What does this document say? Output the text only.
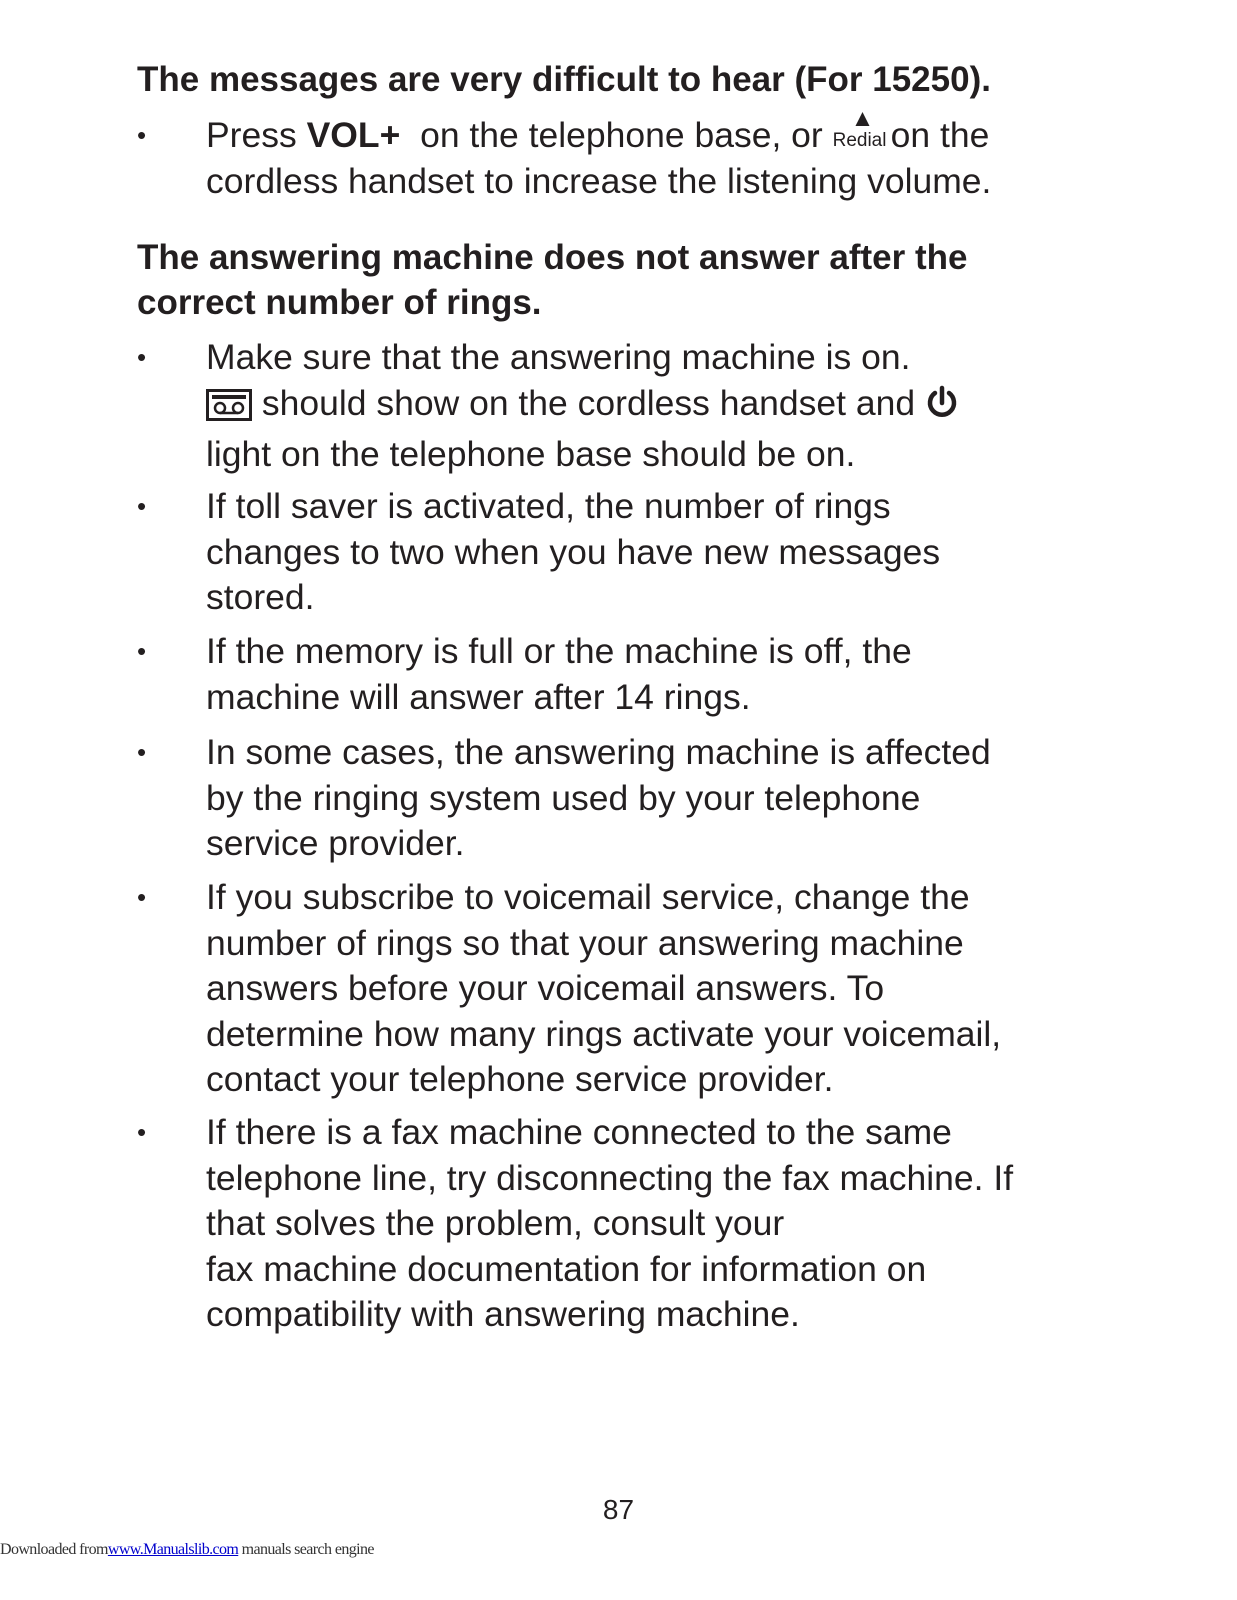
The messages are very difficult to hear (For 15250).
•	Press VOL+ on the telephone base, or ▲
Redial on the
cordless handset to increase the listening volume.
The answering machine does not answer after the
correct number of rings.
•	Make sure that the answering machine is on.
should show on the cordless handset and
light on the telephone base should be on.
•	If toll saver is activated, the number of rings
changes to two when you have new messages
stored.
•	If the memory is full or the machine is off, the
machine will answer after 14 rings.
•	In some cases, the answering machine is affected
by the ringing system used by your telephone
service provider.
•	If you subscribe to voicemail service, change the
number of rings so that your answering machine
answers before your voicemail answers. To
determine how many rings activate your voicemail,
contact your telephone service provider.
•	If there is a fax machine connected to the same
telephone line, try disconnecting the fax machine. If
that solves the problem, consult your
fax machine documentation for information on
compatibility with answering machine.
87
Downloaded fromwww.Manualslib.com manuals search engine
